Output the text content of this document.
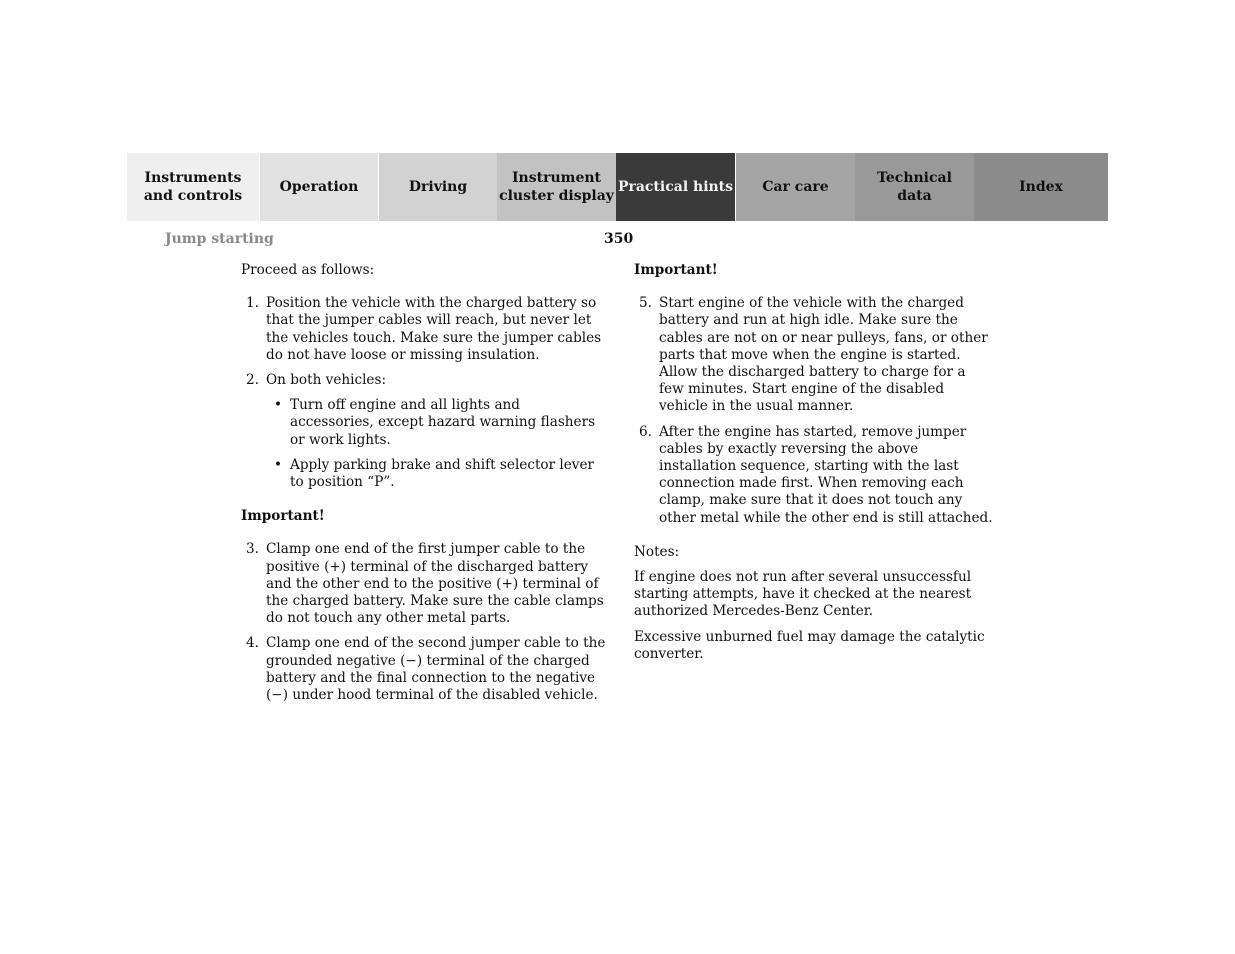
Instruments
and controls
Operation	Driving
Instrument
cluster display
Practical hints Car care
Technical
data
Index
Jump starting	350

Proceed as follows:

1. Position the vehicle with the charged battery so that the jumper cables will reach, but never let the vehicles touch. Make sure the jumper cables do not have loose or missing insulation.
2. On both vehicles:
•
Turn off engine and all lights and accessories, except hazard warning flashers or work lights.
•
Apply parking brake and shift selector lever to position “P”.

Important!

3. Clamp one end of the first jumper cable to the positive (+) terminal of the discharged battery and the other end to the positive (+) terminal of the charged battery. Make sure the cable clamps do not touch any other metal parts.
4. Clamp one end of the second jumper cable to the grounded negative (−) terminal of the charged battery and the final connection to the negative (−) under hood terminal of the disabled vehicle.

Important!

5. Start engine of the vehicle with the charged battery and run at high idle. Make sure the cables are not on or near pulleys, fans, or other parts that move when the engine is started. Allow the discharged battery to charge for a few minutes. Start engine of the disabled vehicle in the usual manner.
6. After the engine has started, remove jumper cables by exactly reversing the above installation sequence, starting with the last connection made first. When removing each clamp, make sure that it does not touch any other metal while the other end is still attached.

Notes:

If engine does not run after several unsuccessful starting attempts, have it checked at the nearest authorized Mercedes-Benz Center.

Excessive unburned fuel may damage the catalytic converter.
